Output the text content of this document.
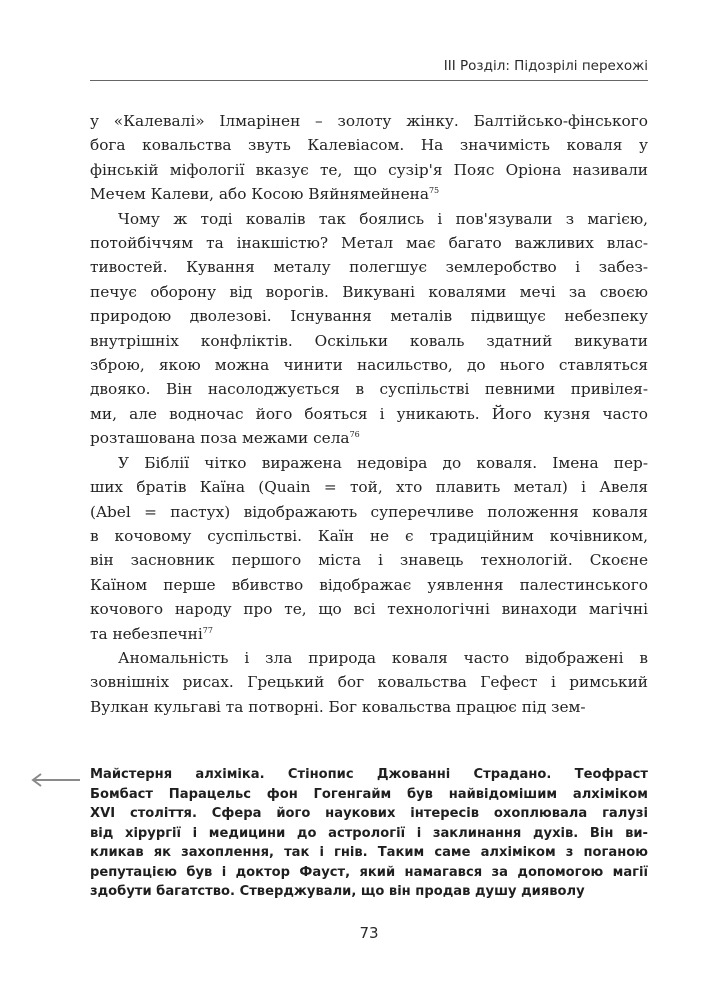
III Розділ: Підозрілі перехожі
у «Калевалі» Ілмарінен – золоту жінку. Балтійсько-фінського
бога ковальства звуть Калевіасом. На значимість коваля у
фінській міфології вказує те, що сузір'я Пояс Оріона називали
Мечем Калеви, або Косою Вяйнямейнена$^{75}$
Чому ж тоді ковалів так боялись і пов'язували з магією,
потойбіччям та інакшістю? Метал має багато важливих влас-
тивостей. Кування металу полегшує землеробство і забез-
печує оборону від ворогів. Викувані ковалями мечі за своєю
природою дволезові. Існування металів підвищує небезпеку
внутрішніх конфліктів. Оскільки коваль здатний викувати
зброю, якою можна чинити насильство, до нього ставляться
двояко. Він насолоджується в суспільстві певними привілея-
ми, але водночас його бояться і уникають. Його кузня часто
розташована поза межами села$^{76}$
У Біблії чітко виражена недовіра до коваля. Імена пер-
ших братів Каїна (Quain = той, хто плавить метал) і Авеля
(Abel = пастух) відображають суперечливе положення коваля
в кочовому суспільстві. Каїн не є традиційним кочівником,
він засновник першого міста і знавець технологій. Скоєне
Каїном перше вбивство відображає уявлення палестинського
кочового народу про те, що всі технологічні винаходи магічні
та небезпечні$^{77}$
Аномальність і зла природа коваля часто відображені в
зовнішніх рисах. Грецький бог ковальства Гефест і римський
Вулкан кульгаві та потворні. Бог ковальства працює під зем-
Майстерня алхіміка. Стінопис Джованні Страдано. Теофраст
Бомбаст Парацельс фон Гогенгайм був найвідомішим алхіміком
XVI століття. Сфера його наукових інтересів охоплювала галузі
від хірургії і медицини до астрології і заклинання духів. Він ви-
кликав як захоплення, так і гнів. Таким саме алхіміком з поганою
репутацією був і доктор Фауст, який намагався за допомогою магії
здобути багатство. Стверджували, що він продав душу дияволу
73
